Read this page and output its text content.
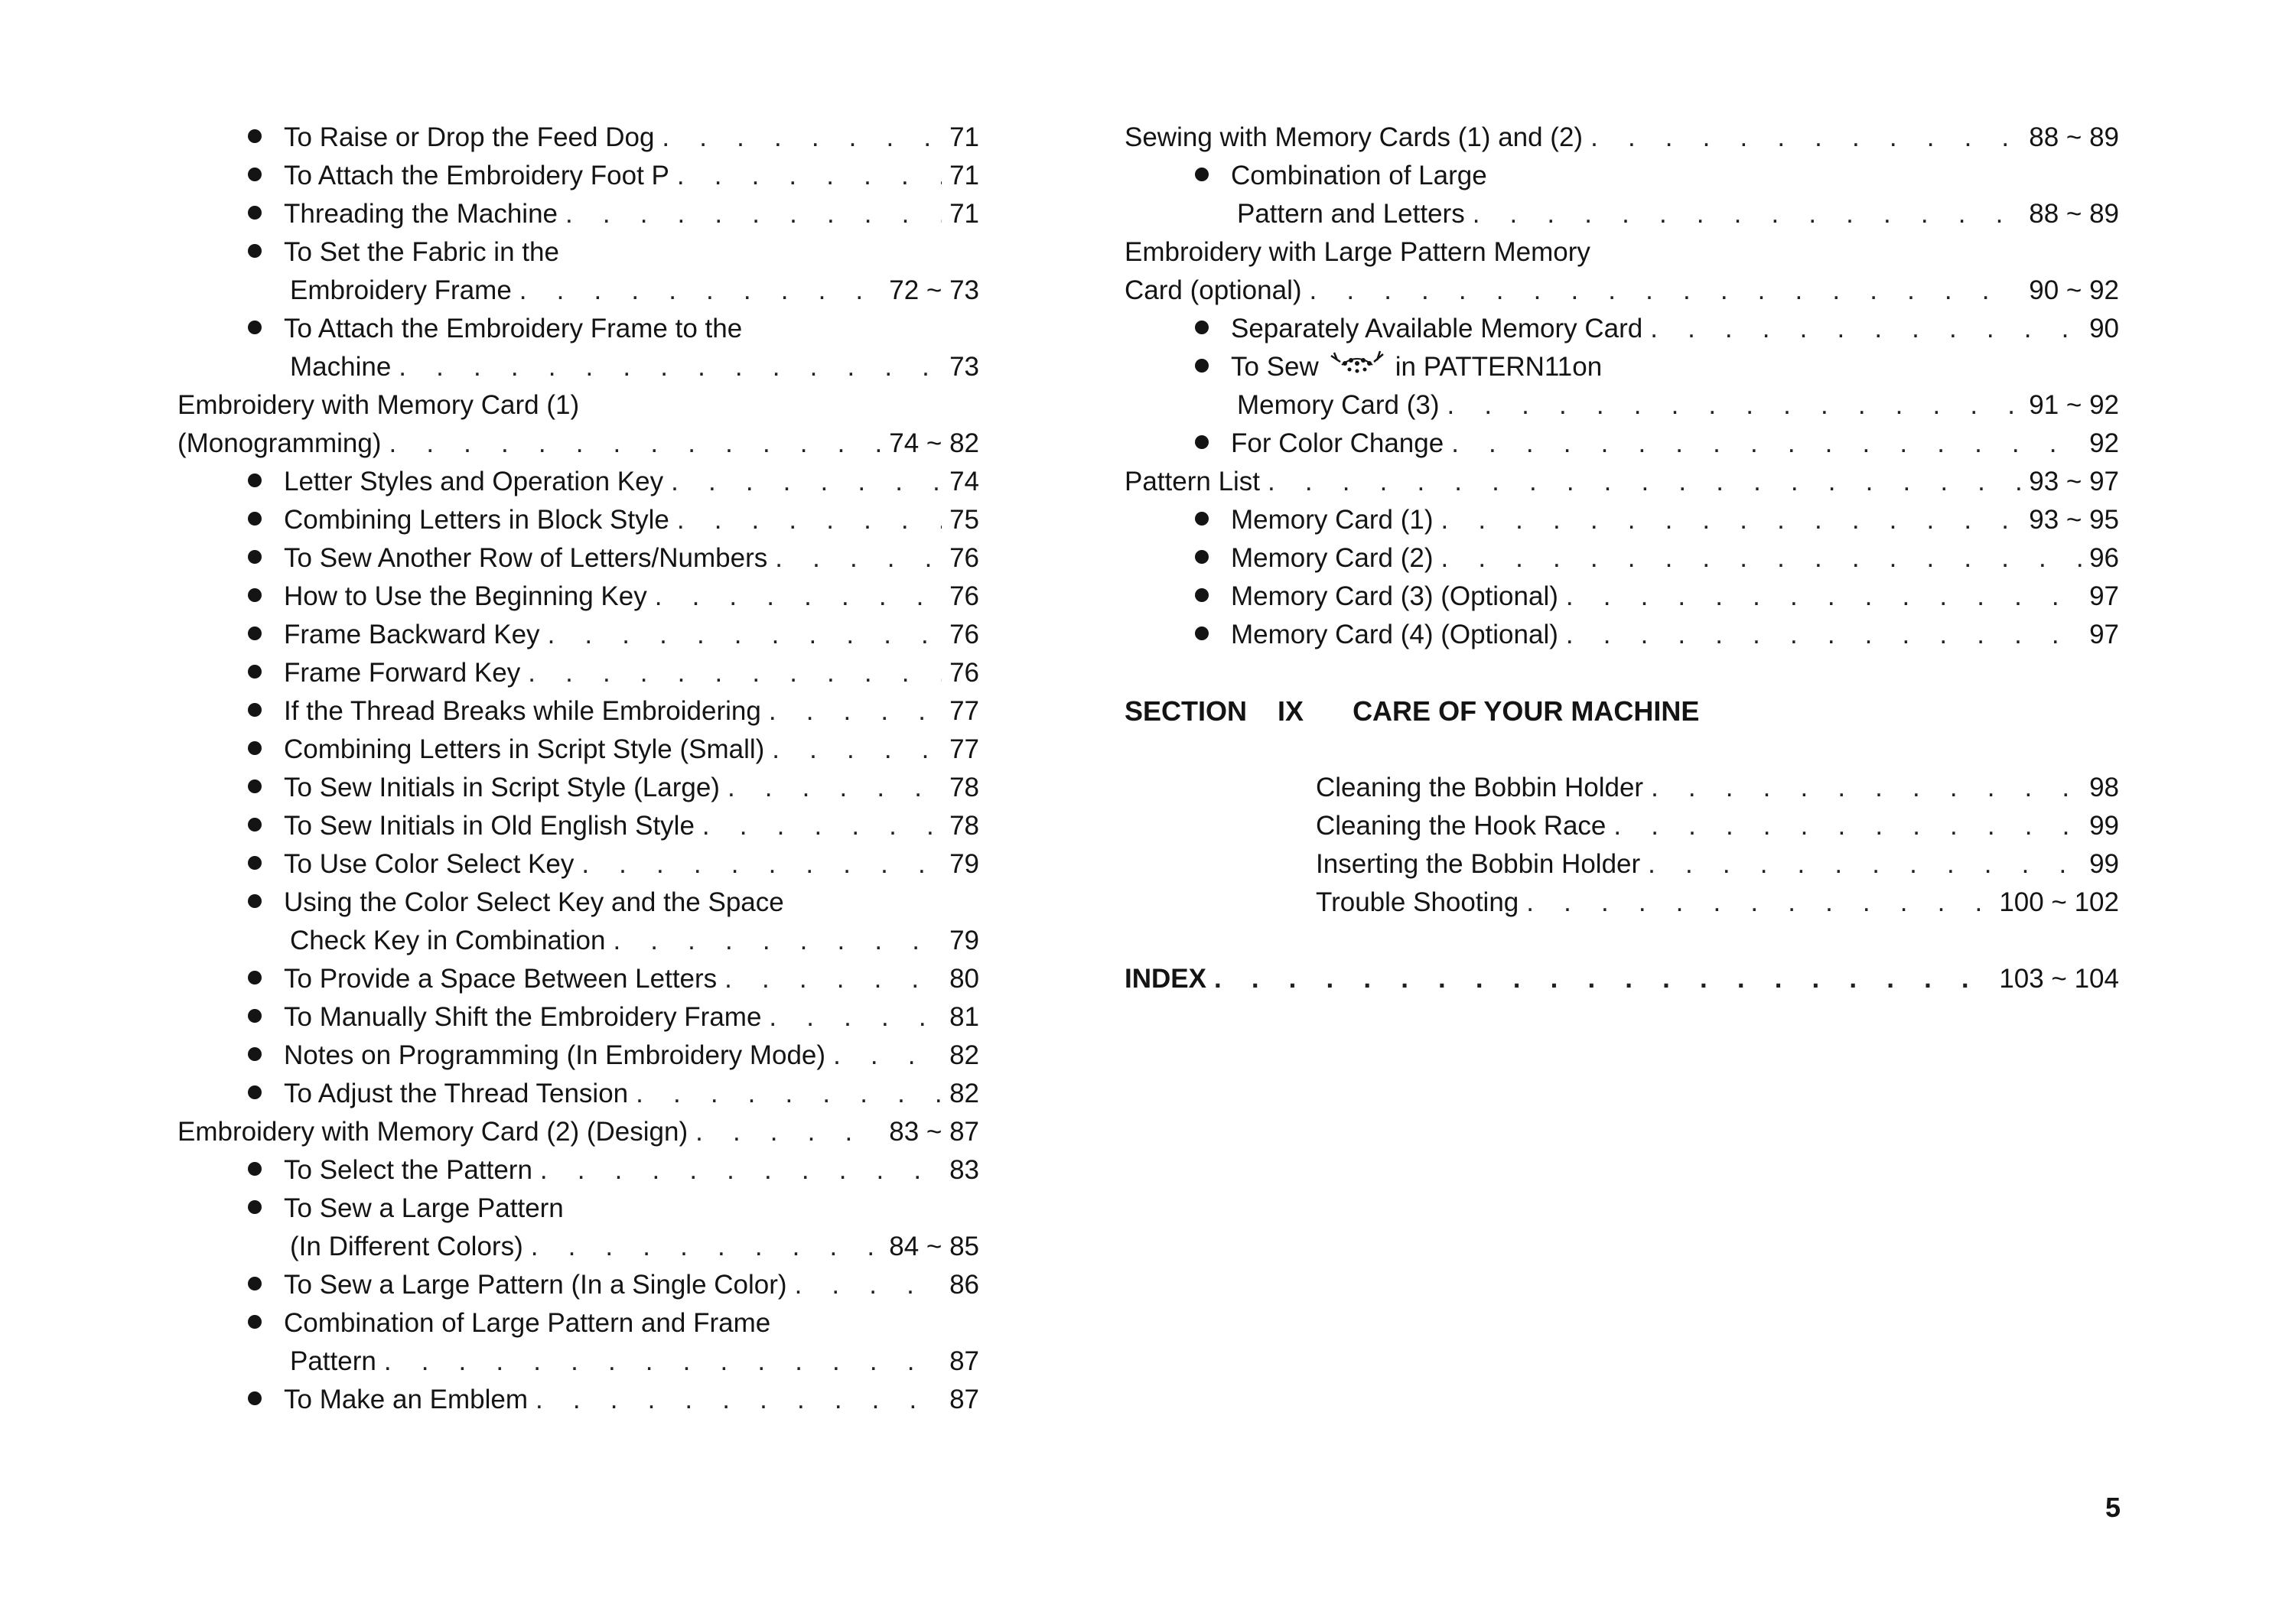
To Raise or Drop the Feed Dog . . .	71
To Attach the Embroidery Foot P . . .	71
Threading the Machine . . .	71
To Set the Fabric in the
Embroidery Frame . . .	72 ~ 73
To Attach the Embroidery Frame to the
Machine . . .	73
Embroidery with Memory Card (1)
(Monogramming) . . .	74 ~ 82
Letter Styles and Operation Key . . .	74
Combining Letters in Block Style . . .	75
To Sew Another Row of Letters/Numbers . . .	76
How to Use the Beginning Key . . .	76
Frame Backward Key . . .	76
Frame Forward Key . . .	76
If the Thread Breaks while Embroidering . . .	77
Combining Letters in Script Style (Small) . . .	77
To Sew Initials in Script Style (Large) . . .	78
To Sew Initials in Old English Style . . .	78
To Use Color Select Key . . .	79
Using the Color Select Key and the Space
Check Key in Combination . . .	79
To Provide a Space Between Letters . . .	80
To Manually Shift the Embroidery Frame . . .	81
Notes on Programming (In Embroidery Mode) . . .	82
To Adjust the Thread Tension . . .	82
Embroidery with Memory Card (2) (Design) . . .	83 ~ 87
To Select the Pattern . . .	83
To Sew a Large Pattern
(In Different Colors) . . .	84 ~ 85
To Sew a Large Pattern (In a Single Color) . . .	86
Combination of Large Pattern and Frame
Pattern . . .	87
To Make an Emblem . . .	87
Sewing with Memory Cards (1) and (2) . . .	88 ~ 89
Combination of Large
Pattern and Letters . . .	88 ~ 89
Embroidery with Large Pattern Memory
Card (optional) . . .	90 ~ 92
Separately Available Memory Card . . .	90
To Sew	in PATTERN11on
Memory Card (3) . . .	91 ~ 92
For Color Change . . .	92
Pattern List . . .	93 ~ 97
Memory Card (1) . . .	93 ~ 95
Memory Card (2) . . .	96
Memory Card (3) (Optional) . . .	97
Memory Card (4) (Optional) . . .	97
SECTION IX CARE OF YOUR MACHINE
Cleaning the Bobbin Holder . . .	98
Cleaning the Hook Race . . .	99
Inserting the Bobbin Holder . . .	99
Trouble Shooting . . .	100 ~ 102
INDEX . . .	103 ~ 104
5
